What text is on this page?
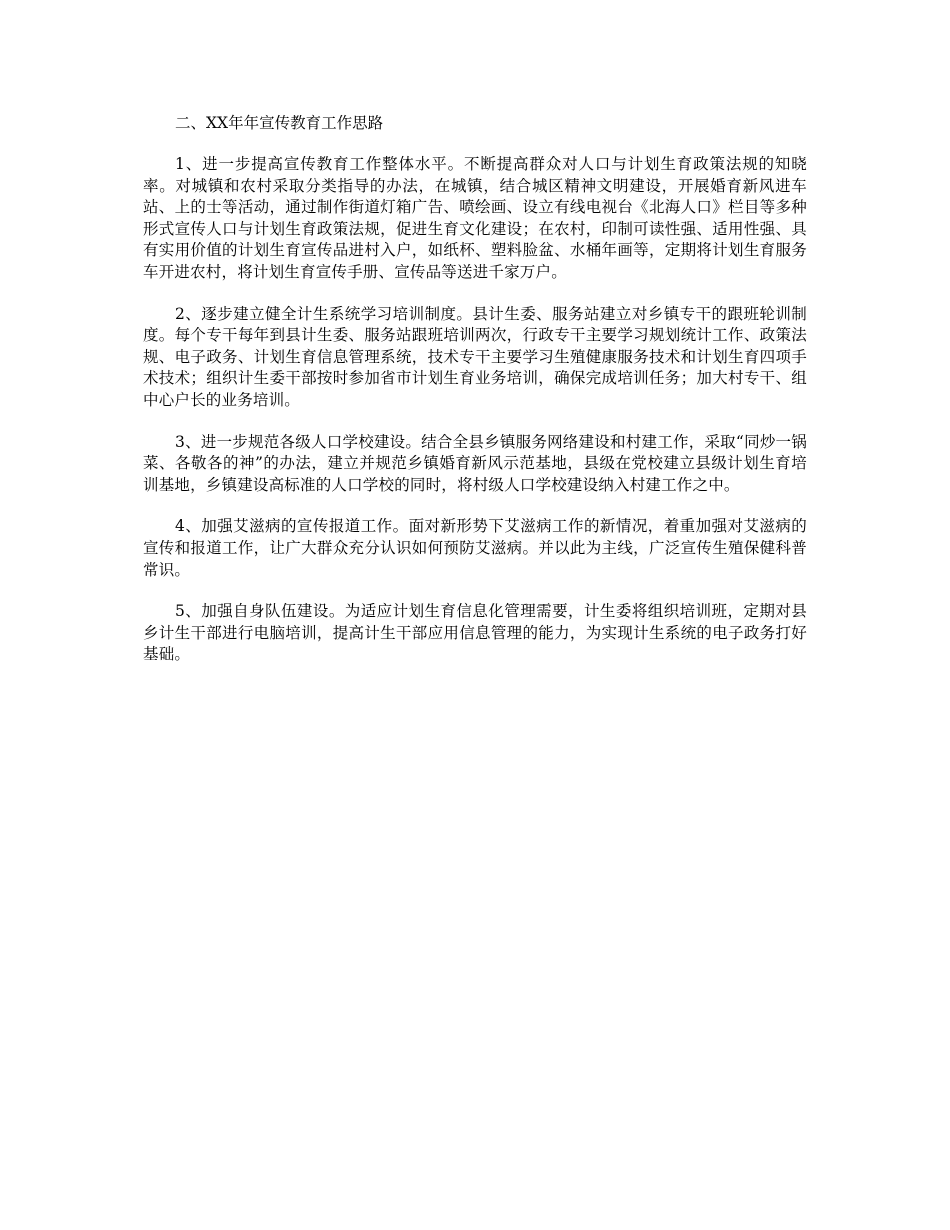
二、XX年年宣传教育工作思路

1、进一步提高宣传教育工作整体水平。不断提高群众对人口与计划生育政策法规的知晓率。对城镇和农村采取分类指导的办法，在城镇，结合城区精神文明建设，开展婚育新风进车站、上的士等活动，通过制作街道灯箱广告、喷绘画、设立有线电视台《北海人口》栏目等多种形式宣传人口与计划生育政策法规，促进生育文化建设；在农村，印制可读性强、适用性强、具有实用价值的计划生育宣传品进村入户，如纸杯、塑料脸盆、水桶年画等，定期将计划生育服务车开进农村，将计划生育宣传手册、宣传品等送进千家万户。

2、逐步建立健全计生系统学习培训制度。县计生委、服务站建立对乡镇专干的跟班轮训制度。每个专干每年到县计生委、服务站跟班培训两次，行政专干主要学习规划统计工作、政策法规、电子政务、计划生育信息管理系统，技术专干主要学习生殖健康服务技术和计划生育四项手术技术；组织计生委干部按时参加省市计划生育业务培训，确保完成培训任务；加大村专干、组中心户长的业务培训。

3、进一步规范各级人口学校建设。结合全县乡镇服务网络建设和村建工作，采取“同炒一锅菜、各敬各的神”的办法，建立并规范乡镇婚育新风示范基地，县级在党校建立县级计划生育培训基地，乡镇建设高标准的人口学校的同时，将村级人口学校建设纳入村建工作之中。

4、加强艾滋病的宣传报道工作。面对新形势下艾滋病工作的新情况，着重加强对艾滋病的宣传和报道工作，让广大群众充分认识如何预防艾滋病。并以此为主线，广泛宣传生殖保健科普常识。

5、加强自身队伍建设。为适应计划生育信息化管理需要，计生委将组织培训班，定期对县乡计生干部进行电脑培训，提高计生干部应用信息管理的能力，为实现计生系统的电子政务打好基础。
